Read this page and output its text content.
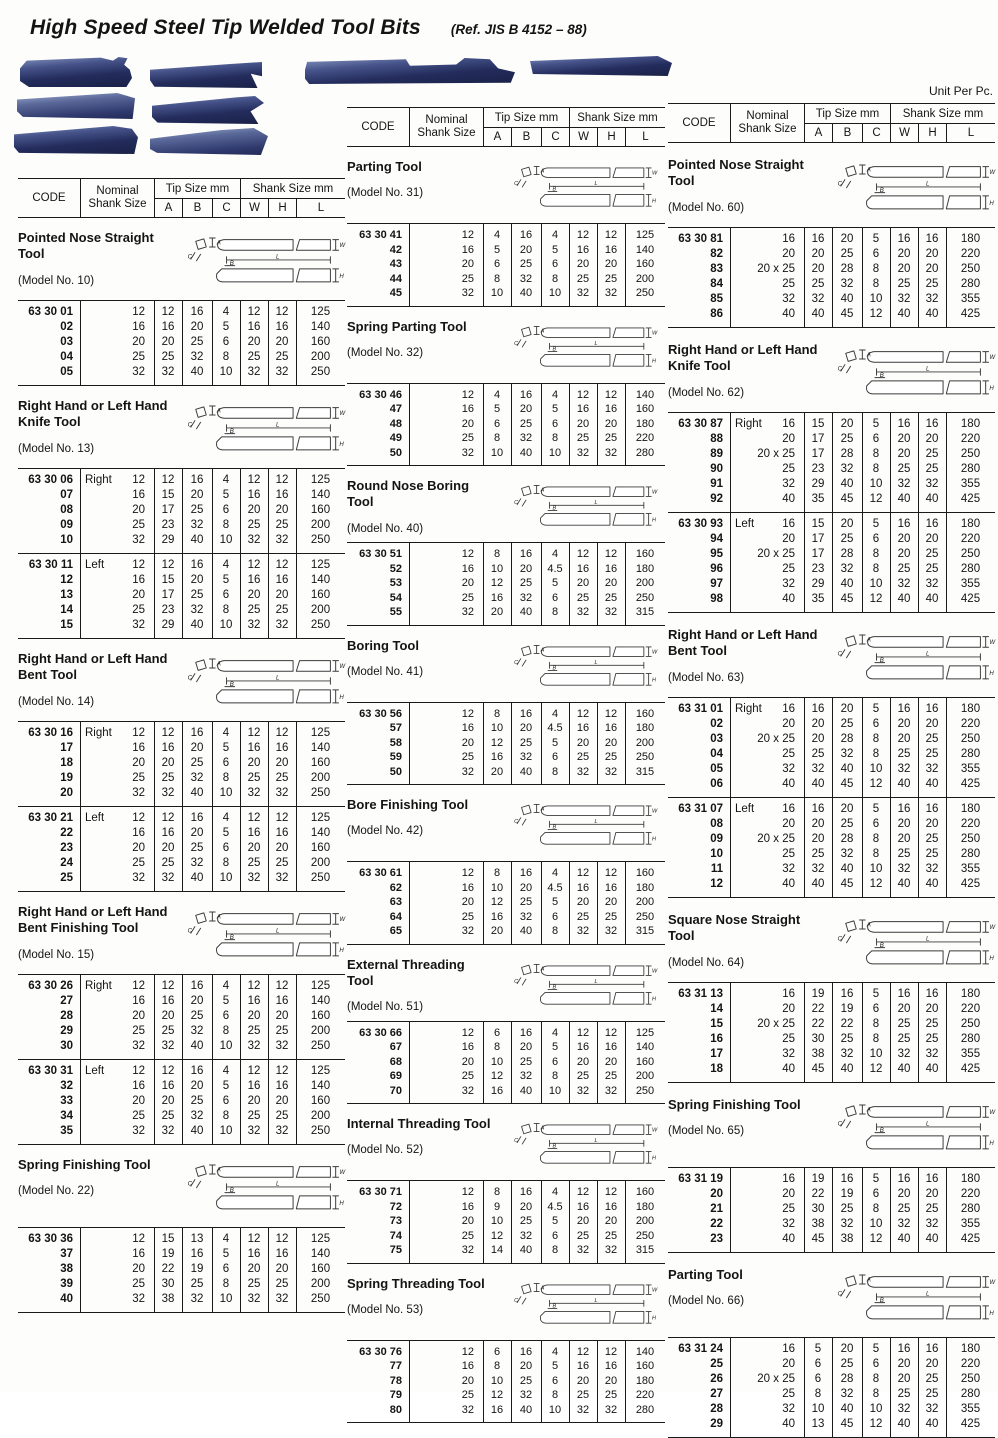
High Speed Steel Tip Welded Tool Bits (Ref. JIS B 4152 – 88)
CODE
Nominal
Shank Size
Tip Size mm	Shank Size mm
A	B	C	W	H	L
Pointed Nose Straight Tool
(Model No. 10)
A
B
C	L
W
H
63 30 01	12	12	16	4	12	12	125
02	16	16	20	5	16	16	140
03	20	20	25	6	20	20	160
04	25	25	32	8	25	25	200
05	32	32	40	10	32	32	250
Right Hand or Left Hand Knife Tool
(Model No. 13)
A
B
C	L
W
H
63 30 06	Right 12	12	16	4	12	12	125
07	16	15	20	5	16	16	140
08	20	17	25	6	20	20	160
09	25	23	32	8	25	25	200
10	32	29	40	10	32	32	250
63 30 11	Left 12	12	16	4	12	12	125
12	16	15	20	5	16	16	140
13	20	17	25	6	20	20	160
14	25	23	32	8	25	25	200
15	32	29	40	10	32	32	250
Right Hand or Left Hand Bent Tool
(Model No. 14)
A
B
C	L
W
H
63 30 16	Right 12	12	16	4	12	12	125
17	16	16	20	5	16	16	140
18	20	20	25	6	20	20	160
19	25	25	32	8	25	25	200
20	32	32	40	10	32	32	250
63 30 21	Left 12	12	16	4	12	12	125
22	16	16	20	5	16	16	140
23	20	20	25	6	20	20	160
24	25	25	32	8	25	25	200
25	32	32	40	10	32	32	250
Right Hand or Left Hand Bent Finishing Tool
(Model No. 15)
A
B
C	L
W
H
63 30 26	Right 12	12	16	4	12	12	125
27	16	16	20	5	16	16	140
28	20	20	25	6	20	20	160
29	25	25	32	8	25	25	200
30	32	32	40	10	32	32	250
63 30 31	Left 12	12	16	4	12	12	125
32	16	16	20	5	16	16	140
33	20	20	25	6	20	20	160
34	25	25	32	8	25	25	200
35	32	32	40	10	32	32	250
Spring Finishing Tool
(Model No. 22)
A
B
C	L
W
H
63 30 36	12	15	13	4	12	12	125
37	16	19	16	5	16	16	140
38	20	22	19	6	20	20	160
39	25	30	25	8	25	25	200
40	32	38	32	10	32	32	250
CODE
Nominal
Shank Size
Tip Size mm	Shank Size mm
A	B	C	W	H	L
Parting Tool
(Model No. 31)
A
B
C	L
W
H
63 30 41	12	4	16	4	12	12	125
42	16	5	20	5	16	16	140
43	20	6	25	6	20	20	160
44	25	8	32	8	25	25	200
45	32	10	40	10	32	32	250
Spring Parting Tool
(Model No. 32)
A
B
C	L
W
H
63 30 46	12	4	16	4	12	12	140
47	16	5	20	5	16	16	160
48	20	6	25	6	20	20	180
49	25	8	32	8	25	25	220
50	32	10	40	10	32	32	280
Round Nose Boring Tool
(Model No. 40)
A
B
C	L
W
H
63 30 51	12	8	16	4	12	12	160
52	16	10	20	4.5	16	16	180
53	20	12	25	5	20	20	200
54	25	16	32	6	25	25	250
55	32	20	40	8	32	32	315
Boring Tool
(Model No. 41)
A
B
C	L
W
H
63 30 56	12	8	16	4	12	12	160
57	16	10	20	4.5	16	16	180
58	20	12	25	5	20	20	200
59	25	16	32	6	25	25	250
50	32	20	40	8	32	32	315
Bore Finishing Tool
(Model No. 42)
A
B
C	L
W
H
63 30 61	12	8	16	4	12	12	160
62	16	10	20	4.5	16	16	180
63	20	12	25	5	20	20	200
64	25	16	32	6	25	25	250
65	32	20	40	8	32	32	315
External Threading Tool
(Model No. 51)
A
B
C	L
W
H
63 30 66	12	6	16	4	12	12	125
67	16	8	20	5	16	16	140
68	20	10	25	6	20	20	160
69	25	12	32	8	25	25	200
70	32	16	40	10	32	32	250
Internal Threading Tool
(Model No. 52)
A
B
C	L
W
H
63 30 71	12	8	16	4	12	12	160
72	16	9	20	4.5	16	16	180
73	20	10	25	5	20	20	200
74	25	12	32	6	25	25	250
75	32	14	40	8	32	32	315
Spring Threading Tool
(Model No. 53)
A
B
C	L
W
H
63 30 76	12	6	16	4	12	12	140
77	16	8	20	5	16	16	160
78	20	10	25	6	20	20	180
79	25	12	32	8	25	25	220
80	32	16	40	10	32	32	280
Unit Per Pc.
CODE
Nominal
Shank Size
Tip Size mm	Shank Size mm
A	B	C	W	H	L
Pointed Nose Straight Tool
(Model No. 60)
A
B
C	L
W
H
63 30 81	16	16	20	5	16	16	180
82	20	20	25	6	20	20	220
83	20 x 25	20	28	8	20	20	250
84	25	25	32	8	25	25	280
85	32	32	40	10	32	32	355
86	40	40	45	12	40	40	425
Right Hand or Left Hand Knife Tool
(Model No. 62)
A
B
C	L
W
H
63 30 87	Right 16	15	20	5	16	16	180
88	20	17	25	6	20	20	220
89	20 x 25	17	28	8	20	25	250
90	25	23	32	8	25	25	280
91	32	29	40	10	32	32	355
92	40	35	45	12	40	40	425
63 30 93	Left 16	15	20	5	16	16	180
94	20	17	25	6	20	20	220
95	20 x 25	17	28	8	20	25	250
96	25	23	32	8	25	25	280
97	32	29	40	10	32	32	355
98	40	35	45	12	40	40	425
Right Hand or Left Hand Bent Tool
(Model No. 63)
A
B
C	L
W
H
63 31 01	Right 16	16	20	5	16	16	180
02	20	20	25	6	20	20	220
03	20 x 25	20	28	8	20	25	250
04	25	25	32	8	25	25	280
05	32	32	40	10	32	32	355
06	40	40	45	12	40	40	425
63 31 07	Left 16	16	20	5	16	16	180
08	20	20	25	6	20	20	220
09	20 x 25	20	28	8	20	25	250
10	25	25	32	8	25	25	280
11	32	32	40	10	32	32	355
12	40	40	45	12	40	40	425
Square Nose Straight Tool
(Model No. 64)
A
B
C	L
W
H
63 31 13	16	19	16	5	16	16	180
14	20	22	19	6	20	20	220
15	20 x 25	22	22	8	25	25	250
16	25	30	25	8	25	25	280
17	32	38	32	10	32	32	355
18	40	45	40	12	40	40	425
Spring Finishing Tool
(Model No. 65)
A
B
C	L
W
H
63 31 19	16	19	16	5	16	16	180
20	20	22	19	6	20	20	220
21	25	30	25	8	25	25	280
22	32	38	32	10	32	32	355
23	40	45	38	12	40	40	425
Parting Tool
(Model No. 66)
A
B
C	L
W
H
63 31 24	16	5	20	5	16	16	180
25	20	6	25	6	20	20	220
26	20 x 25	6	28	8	20	25	250
27	25	8	32	8	25	25	280
28	32	10	40	10	32	32	355
29	40	13	45	12	40	40	425
